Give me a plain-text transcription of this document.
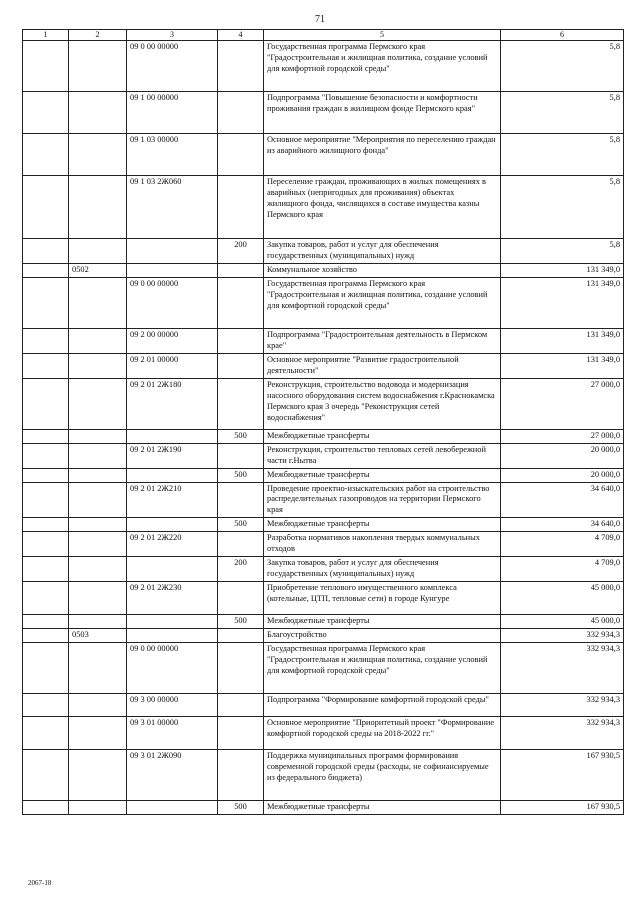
71
1	2	3	4	5	6
		09 0 00 00000		Государственная программа Пермского края "Градостроительная и жилищная политика, создание условий для комфортной городской среды"	5,8
		09 1 00 00000		Подпрограмма "Повышение безопасности и комфортности проживания граждан в жилищном фонде Пермского края"	5,8
		09 1 03 00000		Основное мероприятие "Мероприятия по переселению граждан из аварийного жилищного фонда"	5,8
		09 1 03 2Ж060		Переселение граждан, проживающих в жилых помещениях в аварийных (непригодных для проживания) объектах жилищного фонда, числящихся в составе имущества казны Пермского края	5,8
			200	Закупка товаров, работ и услуг для обеспечения государственных (муниципальных) нужд	5,8
	0502			Коммунальное хозяйство	131 349,0
		09 0 00 00000		Государственная программа Пермского края "Градостроительная и жилищная политика, создание условий для комфортной городской среды"	131 349,0
		09 2 00 00000		Подпрограмма "Градостроительная деятельность в Пермском крае"	131 349,0
		09 2 01 00000		Основное мероприятие "Развитие градостроительной деятельности"	131 349,0
		09 2 01 2Ж180		Реконструкция, строительство водовода и модернизация насосного оборудования систем водоснабжения г.Краснокамска Пермского края 3 очередь "Реконструкция сетей водоснабжения"	27 000,0
			500	Межбюджетные трансферты	27 000,0
		09 2 01 2Ж190		Реконструкция, строительство тепловых сетей левобережной части г.Нытва	20 000,0
			500	Межбюджетные трансферты	20 000,0
		09 2 01 2Ж210		Проведение проектно-изыскательских работ на строительство распределительных газопроводов на территории Пермского края	34 640,0
			500	Межбюджетные трансферты	34 640,0
		09 2 01 2Ж220		Разработка нормативов накопления твердых коммунальных отходов	4 709,0
			200	Закупка товаров, работ и услуг для обеспечения государственных (муниципальных) нужд	4 709,0
		09 2 01 2Ж230		Приобретение теплового имущественного комплекса (котельные, ЦТП, тепловые сети) в городе Кунгуре	45 000,0
			500	Межбюджетные трансферты	45 000,0
	0503			Благоустройство	332 934,3
		09 0 00 00000		Государственная программа Пермского края "Градостроительная и жилищная политика, создание условий для комфортной городской среды"	332 934,3
		09 3 00 00000		Подпрограмма "Формирование комфортной городской среды"	332 934,3
		09 3 01 00000		Основное мероприятие "Приоритетный проект "Формирование комфортной городской среды на 2018-2022 гг."	332 934,3
		09 3 01 2Ж090		Поддержка муниципальных программ формирования современной городской среды (расходы, не софинансируемые из федерального бюджета)	167 930,5
			500	Межбюджетные трансферты	167 930,5
2067-18
